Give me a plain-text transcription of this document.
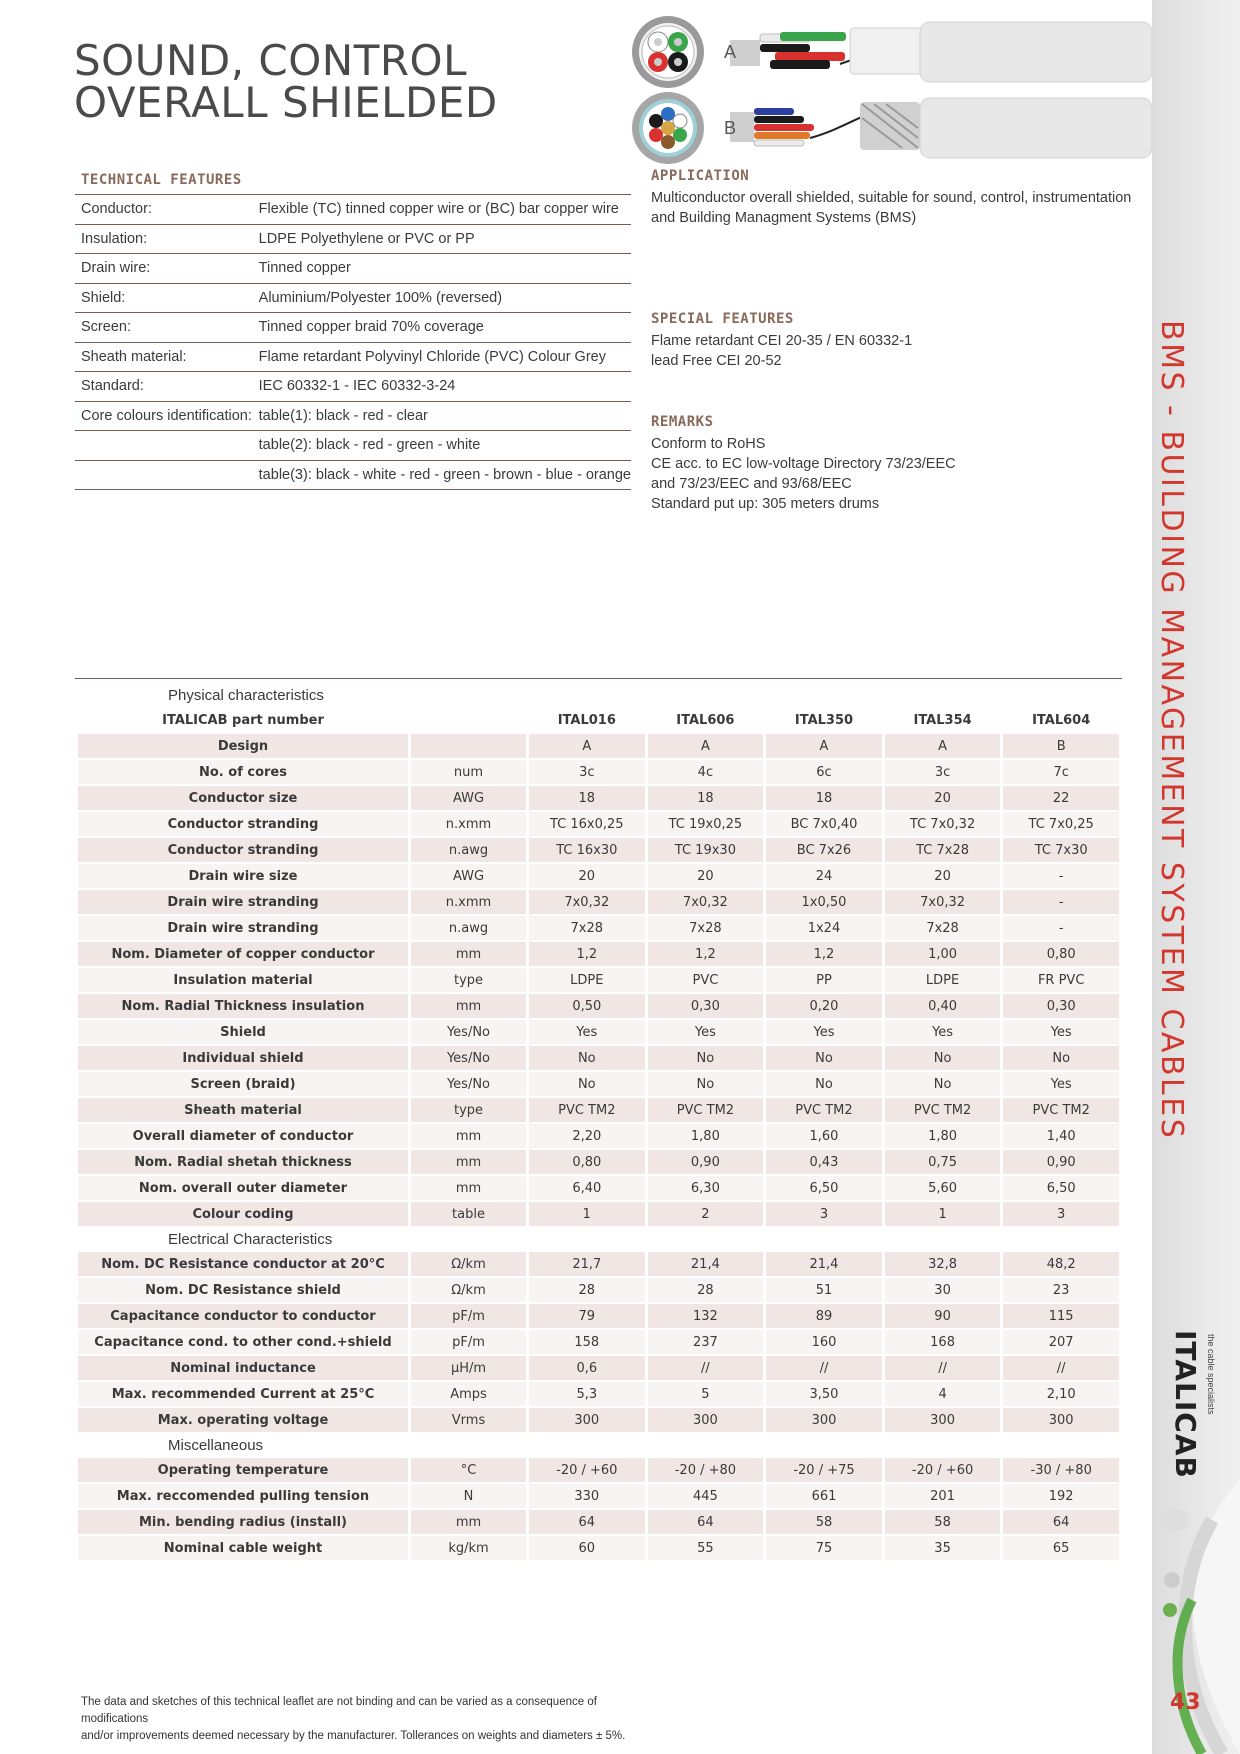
BMS - BUILDING MANAGEMENT SYSTEM CABLES
ITALICAB the cable specialists
43
SOUND, CONTROL
OVERALL SHIELDED
A
B
TECHNICAL FEATURES
Conductor:	Flexible (TC) tinned copper wire or (BC) bar copper wire
Insulation:	LDPE Polyethylene or PVC or PP
Drain wire:	Tinned copper
Shield:	Aluminium/Polyester 100% (reversed)
Screen:	Tinned copper braid 70% coverage
Sheath material:	Flame retardant Polyvinyl Chloride (PVC) Colour Grey
Standard:	IEC 60332-1 - IEC 60332-3-24
Core colours identification:	table(1): black - red - clear
	table(2): black - red - green - white
	table(3): black - white - red - green - brown - blue - orange
APPLICATION
Multiconductor overall shielded, suitable for sound, control, instrumentation
and Building Managment Systems (BMS)
SPECIAL FEATURES
Flame retardant CEI 20-35 / EN 60332-1
lead Free CEI 20-52
REMARKS
Conform to RoHS
CE acc. to EC low-voltage Directory 73/23/EEC
and 73/23/EEC and 93/68/EEC
Standard put up: 305 meters drums
Physical characteristics						
ITALICAB part number		ITAL016	ITAL606	ITAL350	ITAL354	ITAL604
Design		A	A	A	A	B
No. of cores	num	3c	4c	6c	3c	7c
Conductor size	AWG	18	18	18	20	22
Conductor stranding	n.xmm	TC 16x0,25	TC 19x0,25	BC 7x0,40	TC 7x0,32	TC 7x0,25
Conductor stranding	n.awg	TC 16x30	TC 19x30	BC 7x26	TC 7x28	TC 7x30
Drain wire size	AWG	20	20	24	20	-
Drain wire stranding	n.xmm	7x0,32	7x0,32	1x0,50	7x0,32	-
Drain wire stranding	n.awg	7x28	7x28	1x24	7x28	-
Nom. Diameter of copper conductor	mm	1,2	1,2	1,2	1,00	0,80
Insulation material	type	LDPE	PVC	PP	LDPE	FR PVC
Nom. Radial Thickness insulation	mm	0,50	0,30	0,20	0,40	0,30
Shield	Yes/No	Yes	Yes	Yes	Yes	Yes
Individual shield	Yes/No	No	No	No	No	No
Screen (braid)	Yes/No	No	No	No	No	Yes
Sheath material	type	PVC TM2	PVC TM2	PVC TM2	PVC TM2	PVC TM2
Overall diameter of conductor	mm	2,20	1,80	1,60	1,80	1,40
Nom. Radial shetah thickness	mm	0,80	0,90	0,43	0,75	0,90
Nom. overall outer diameter	mm	6,40	6,30	6,50	5,60	6,50
Colour coding	table	1	2	3	1	3
Electrical Characteristics						
Nom. DC Resistance conductor at 20°C	Ω/km	21,7	21,4	21,4	32,8	48,2
Nom. DC Resistance shield	Ω/km	28	28	51	30	23
Capacitance conductor to conductor	pF/m	79	132	89	90	115
Capacitance cond. to other cond.+shield	pF/m	158	237	160	168	207
Nominal inductance	µH/m	0,6	//	//	//	//
Max. recommended Current at 25°C	Amps	5,3	5	3,50	4	2,10
Max. operating voltage	Vrms	300	300	300	300	300
Miscellaneous						
Operating temperature	°C	-20 / +60	-20 / +80	-20 / +75	-20 / +60	-30 / +80
Max. reccomended pulling tension	N	330	445	661	201	192
Min. bending radius (install)	mm	64	64	58	58	64
Nominal cable weight	kg/km	60	55	75	35	65
The data and sketches of this technical leaflet are not binding and can be varied as a consequence of modifications
and/or improvements deemed necessary by the manufacturer. Tollerances on weights and diameters ± 5%.
